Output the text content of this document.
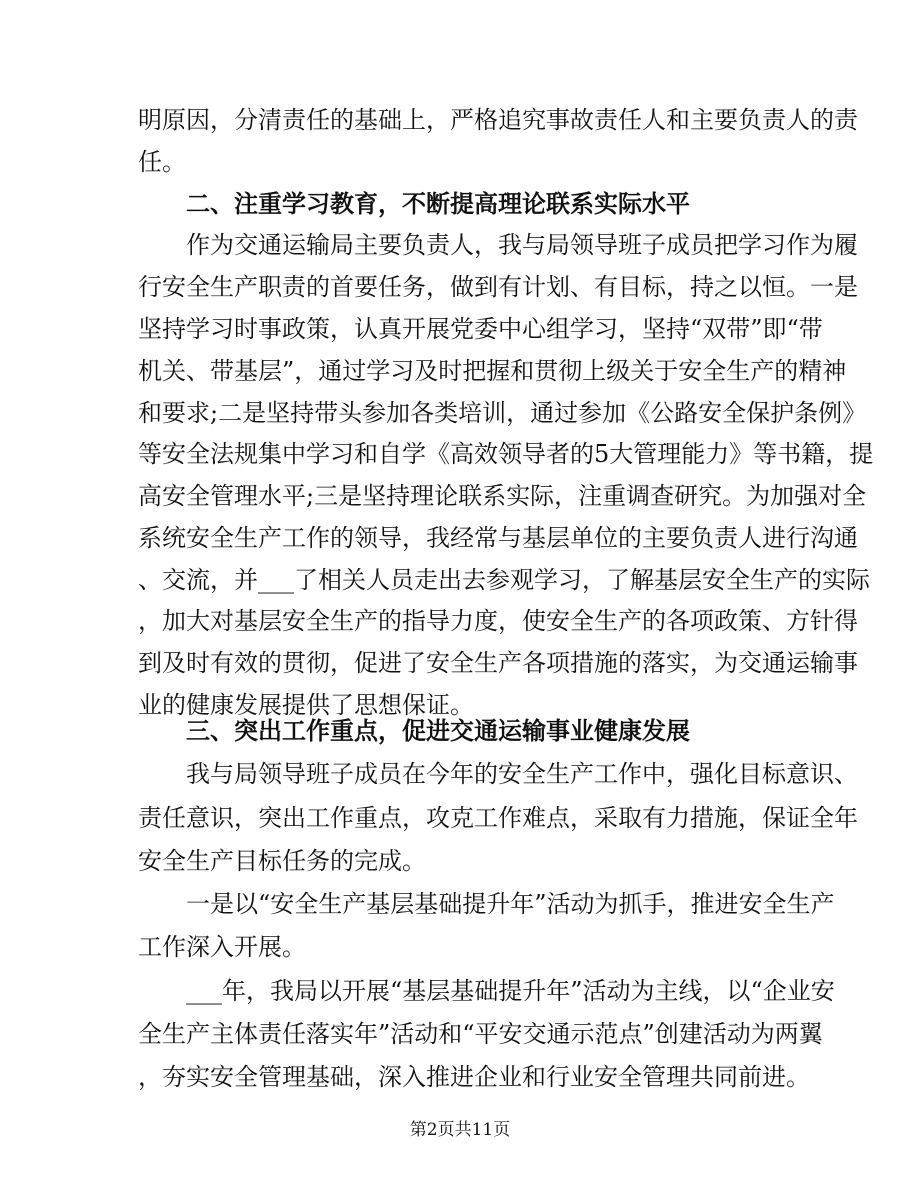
明原因，分清责任的基础上，严格追究事故责任人和主要负责人的责
任。
二、注重学习教育，不断提高理论联系实际水平
作为交通运输局主要负责人，我与局领导班子成员把学习作为履
行安全生产职责的首要任务，做到有计划、有目标，持之以恒。一是
坚持学习时事政策，认真开展党委中心组学习，坚持“双带”即“带
机关、带基层”，通过学习及时把握和贯彻上级关于安全生产的精神
和要求;二是坚持带头参加各类培训，通过参加《公路安全保护条例》
等安全法规集中学习和自学《高效领导者的5大管理能力》等书籍，提
高安全管理水平;三是坚持理论联系实际，注重调查研究。为加强对全
系统安全生产工作的领导，我经常与基层单位的主要负责人进行沟通
、交流，并___了相关人员走出去参观学习，了解基层安全生产的实际
，加大对基层安全生产的指导力度，使安全生产的各项政策、方针得
到及时有效的贯彻，促进了安全生产各项措施的落实，为交通运输事
业的健康发展提供了思想保证。
三、突出工作重点，促进交通运输事业健康发展
我与局领导班子成员在今年的安全生产工作中，强化目标意识、
责任意识，突出工作重点，攻克工作难点，采取有力措施，保证全年
安全生产目标任务的完成。
一是以“安全生产基层基础提升年”活动为抓手，推进安全生产
工作深入开展。
___年，我局以开展“基层基础提升年”活动为主线，以“企业安
第2页共11页
全生产主体责任落实年”活动和“平安交通示范点”创建活动为两翼
，夯实安全管理基础，深入推进企业和行业安全管理共同前进。
